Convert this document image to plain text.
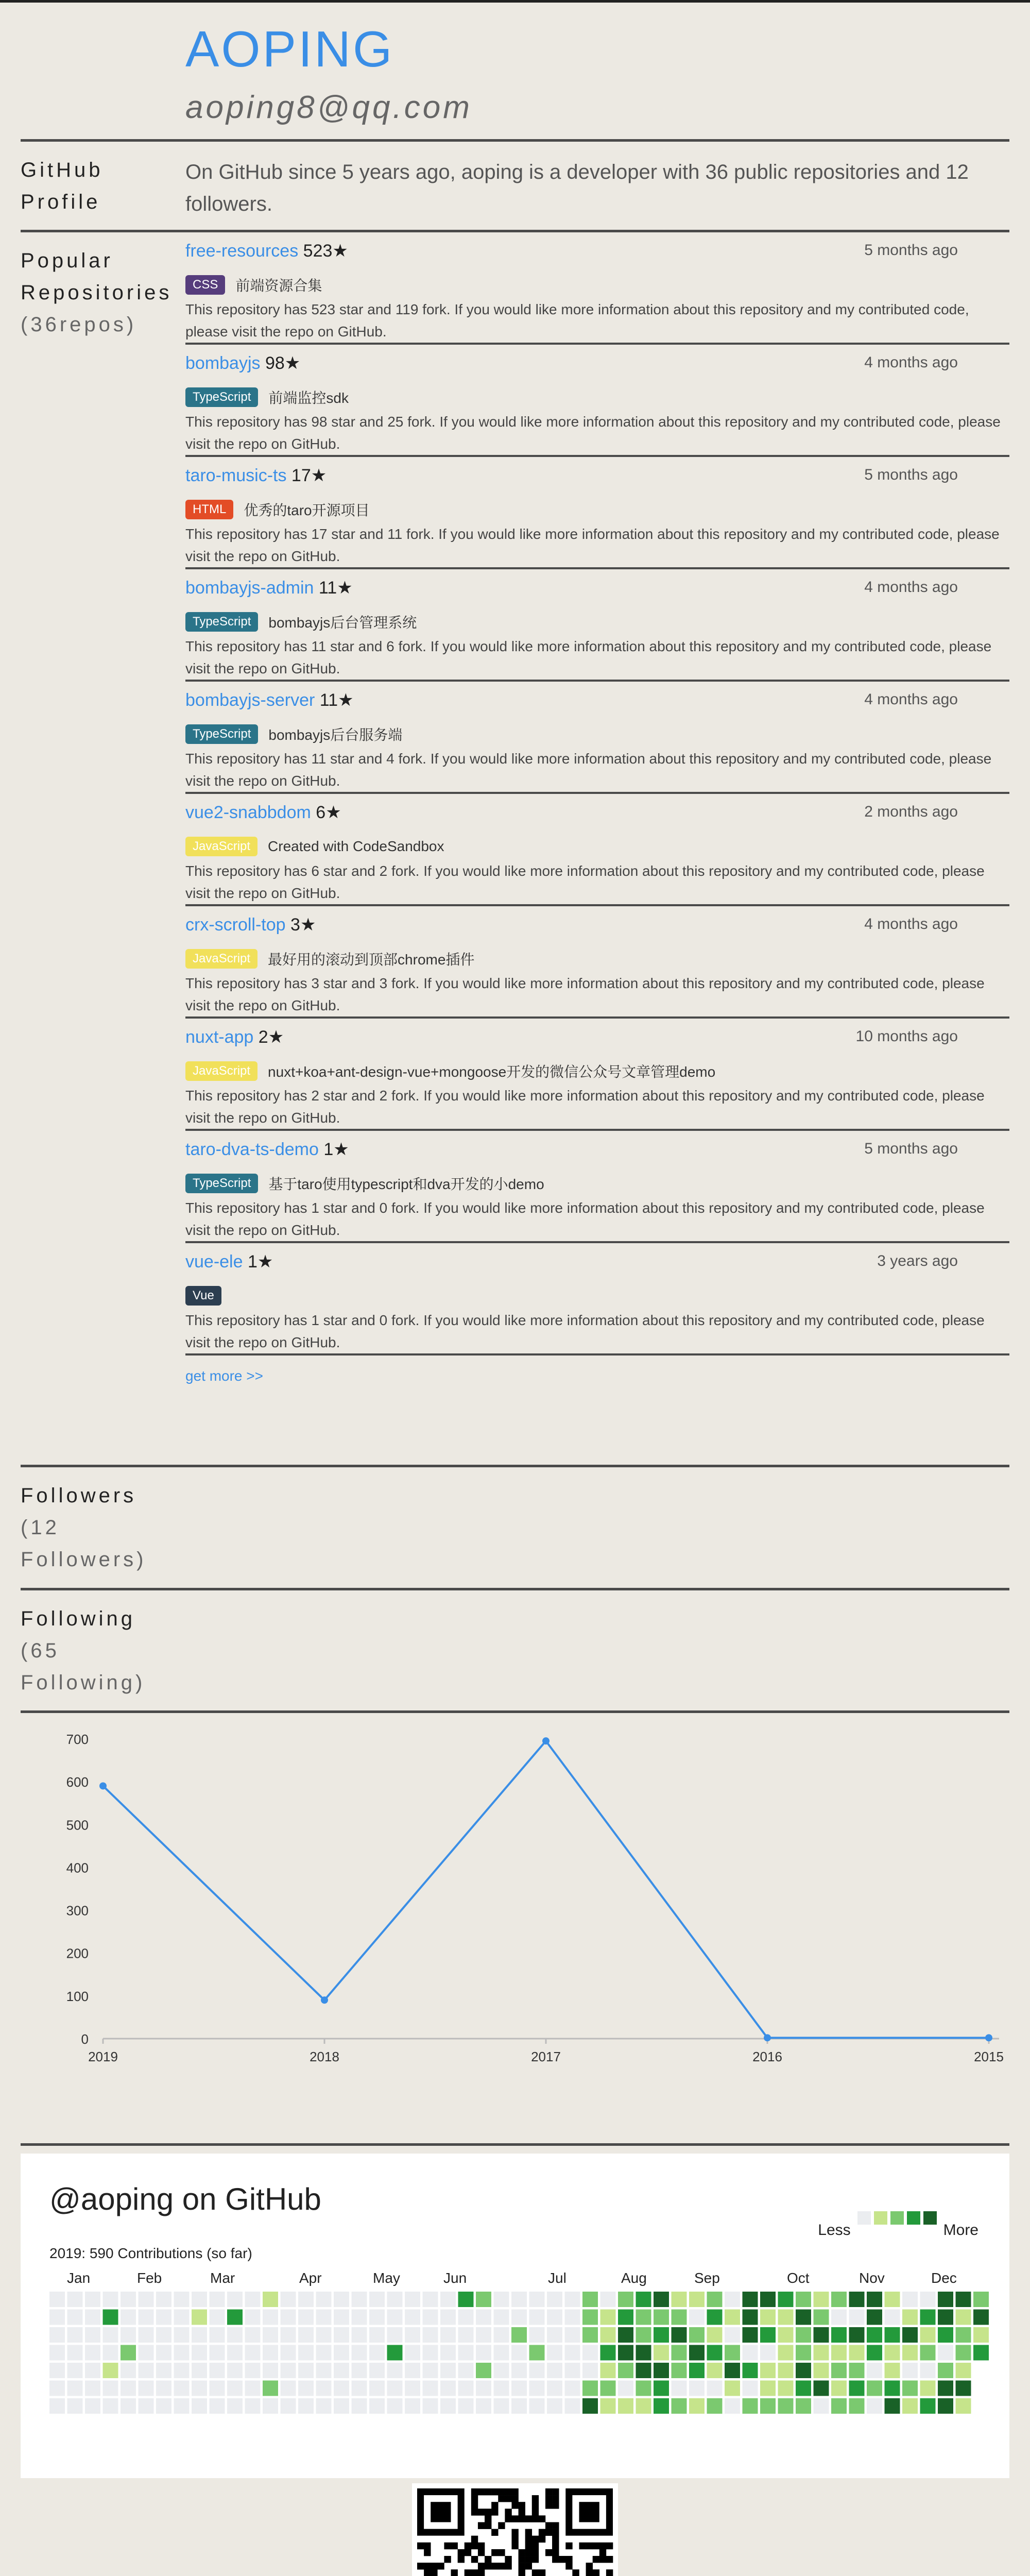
AOPING
aoping8@qq.com
GitHub
Profile
On GitHub since 5 years ago, aoping is a developer with 36 public repositories and 12 followers.
Popular
Repositories
(36repos)
free-resources 523★	5 months ago
CSS	前端资源合集
This repository has 523 star and 119 fork. If you would like more information about this repository and my contributed code, please visit the repo on GitHub.
bombayjs 98★	4 months ago
TypeScript	前端监控sdk
This repository has 98 star and 25 fork. If you would like more information about this repository and my contributed code, please visit the repo on GitHub.
taro-music-ts 17★	5 months ago
HTML	优秀的taro开源项目
This repository has 17 star and 11 fork. If you would like more information about this repository and my contributed code, please visit the repo on GitHub.
bombayjs-admin 11★	4 months ago
TypeScript	bombayjs后台管理系统
This repository has 11 star and 6 fork. If you would like more information about this repository and my contributed code, please visit the repo on GitHub.
bombayjs-server 11★	4 months ago
TypeScript	bombayjs后台服务端
This repository has 11 star and 4 fork. If you would like more information about this repository and my contributed code, please visit the repo on GitHub.
vue2-snabbdom 6★	2 months ago
JavaScript	Created with CodeSandbox
This repository has 6 star and 2 fork. If you would like more information about this repository and my contributed code, please visit the repo on GitHub.
crx-scroll-top 3★	4 months ago
JavaScript	最好用的滚动到顶部chrome插件
This repository has 3 star and 3 fork. If you would like more information about this repository and my contributed code, please visit the repo on GitHub.
nuxt-app 2★	10 months ago
JavaScript	nuxt+koa+ant-design-vue+mongoose开发的微信公众号文章管理demo
This repository has 2 star and 2 fork. If you would like more information about this repository and my contributed code, please visit the repo on GitHub.
taro-dva-ts-demo 1★	5 months ago
TypeScript	基于taro使用typescript和dva开发的小demo
This repository has 1 star and 0 fork. If you would like more information about this repository and my contributed code, please visit the repo on GitHub.
vue-ele 1★	3 years ago
Vue
This repository has 1 star and 0 fork. If you would like more information about this repository and my contributed code, please visit the repo on GitHub.
get more >>
Followers
(12
Followers)
Following
(65
Following)
0
100
200
300
400
500
600
700
2019	2018	2017	2016	2015
@aoping on GitHub
Less	More
2019: 590 Contributions (so far)
Jan	Feb	Mar	Apr	May	Jun	Jul	Aug	Sep	Oct	Nov	Dec
